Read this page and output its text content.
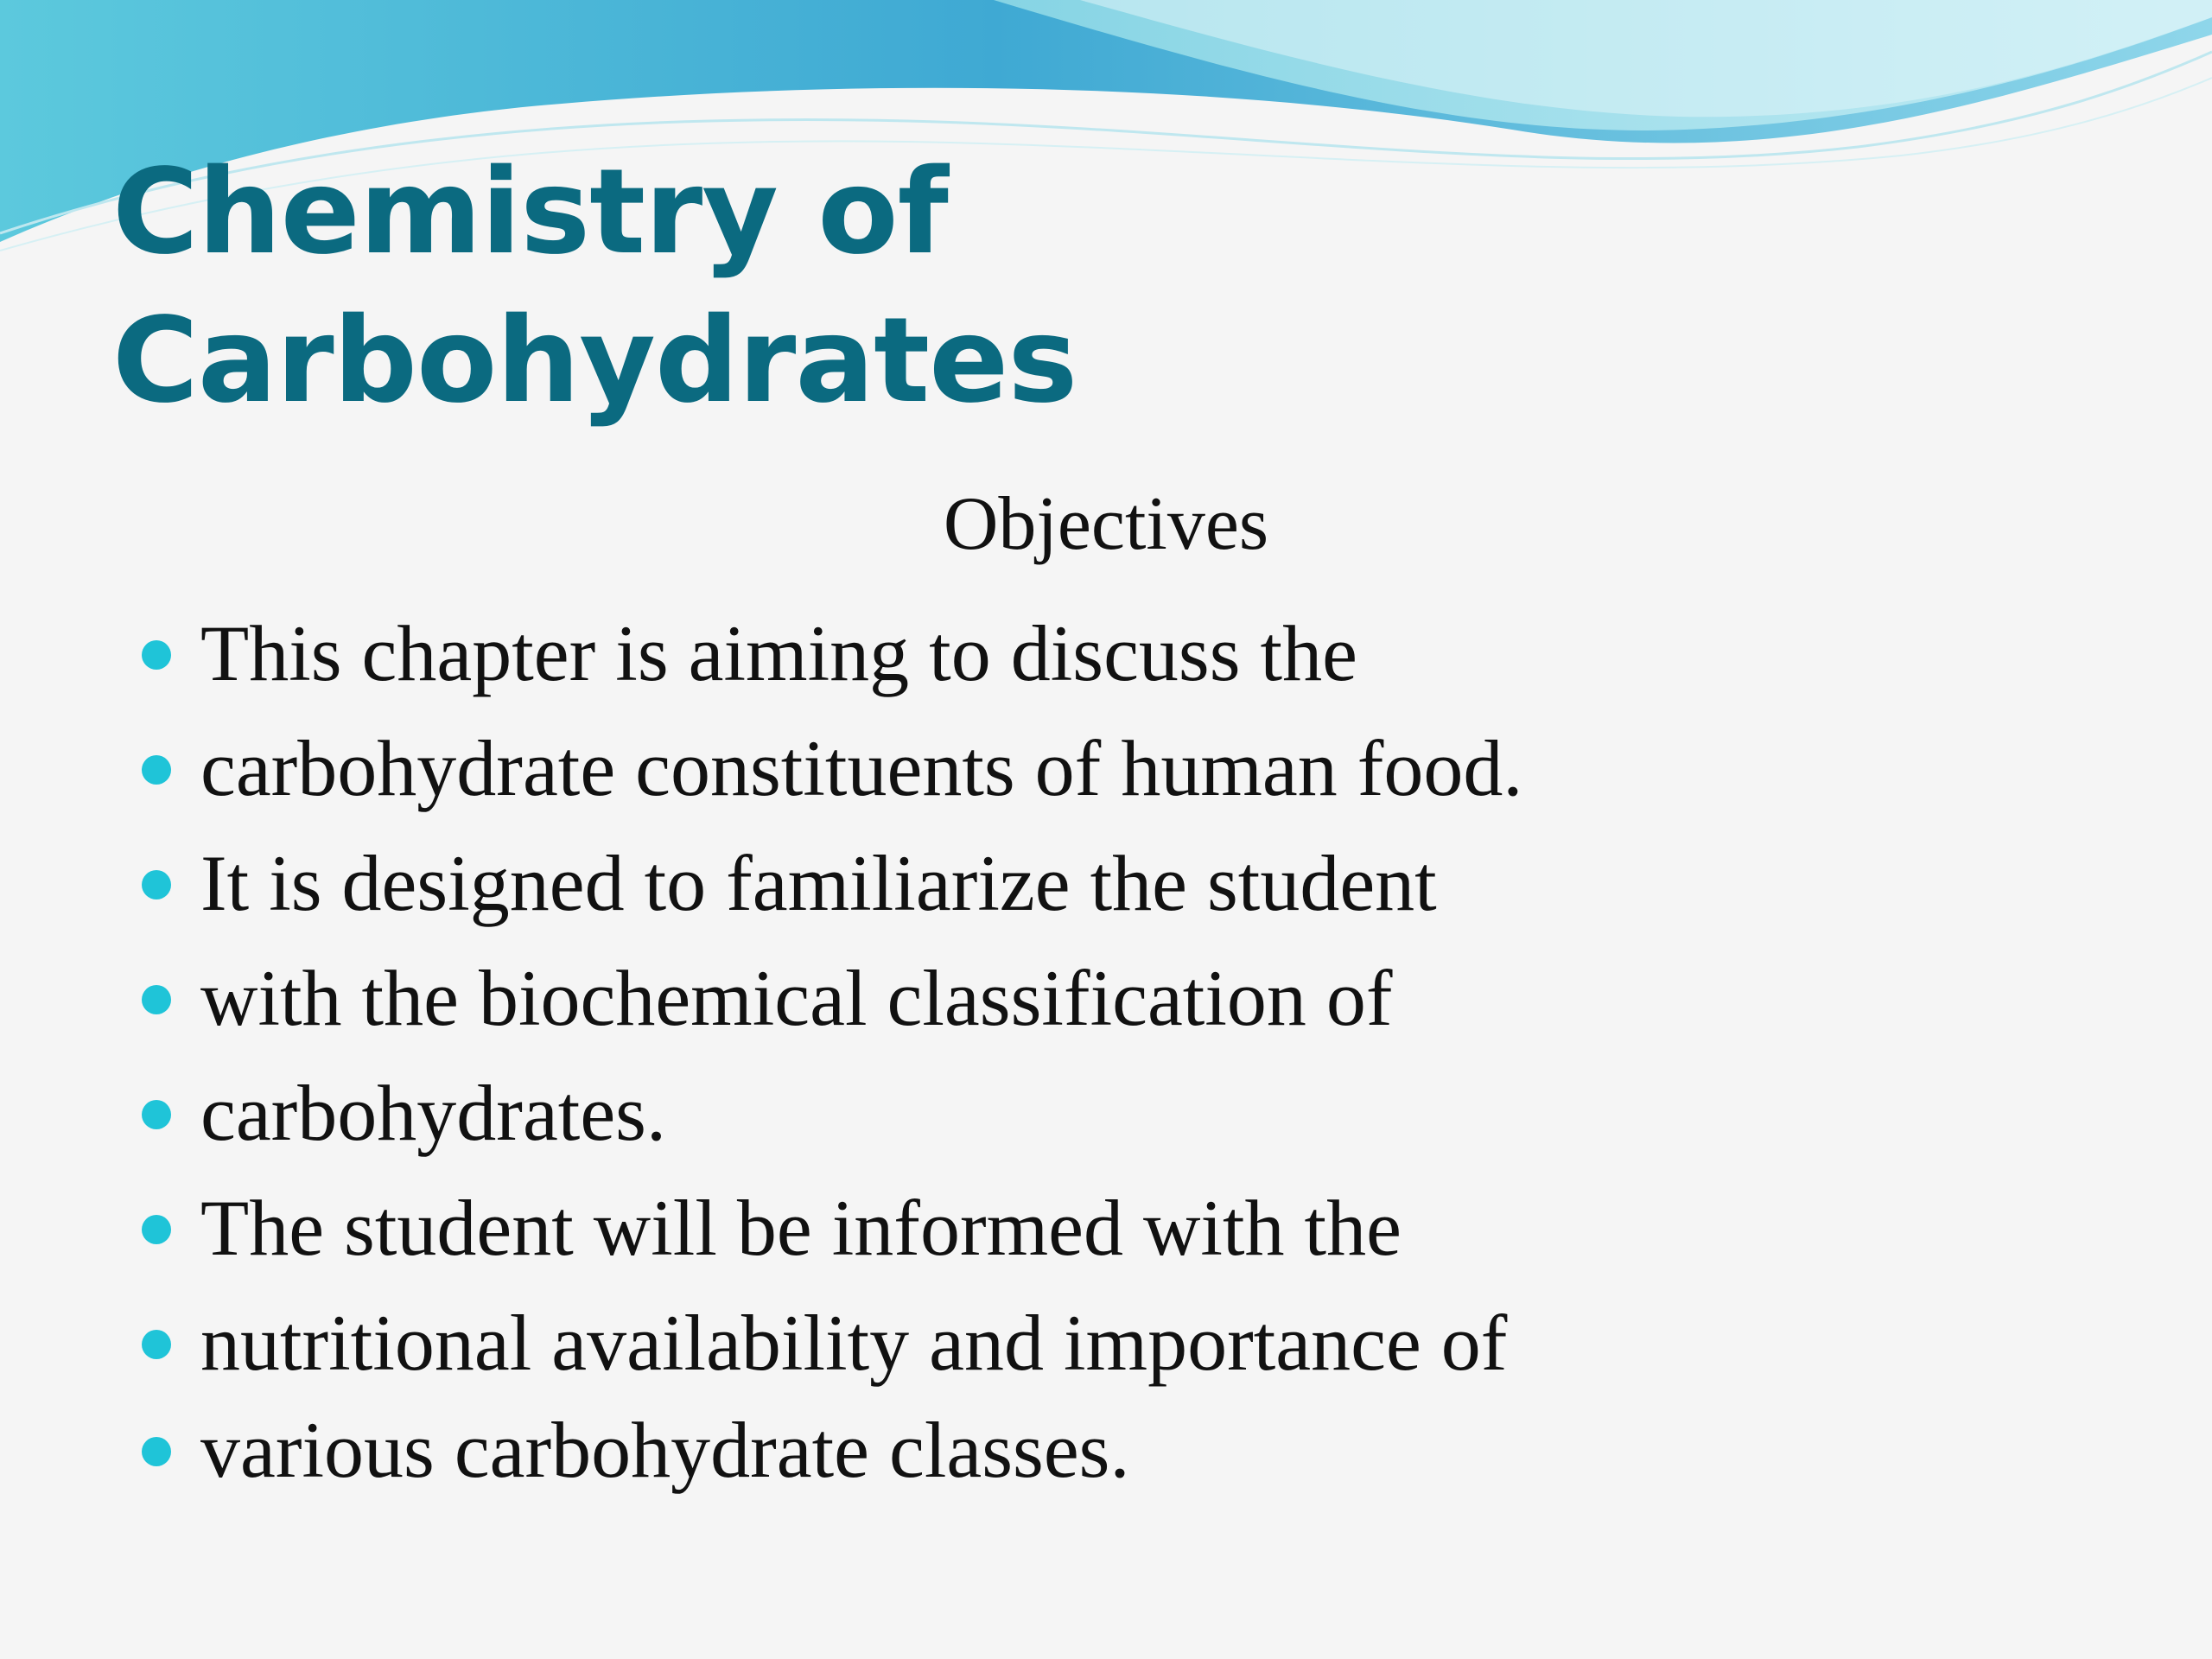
Chemistry of
Carbohydrates
Objectives
This chapter is aiming to discuss the
carbohydrate constituents of human food.
It is designed to familiarize the student
with the biochemical classification of
carbohydrates.
The student will be informed with the
nutritional availability and importance of
various carbohydrate classes.
